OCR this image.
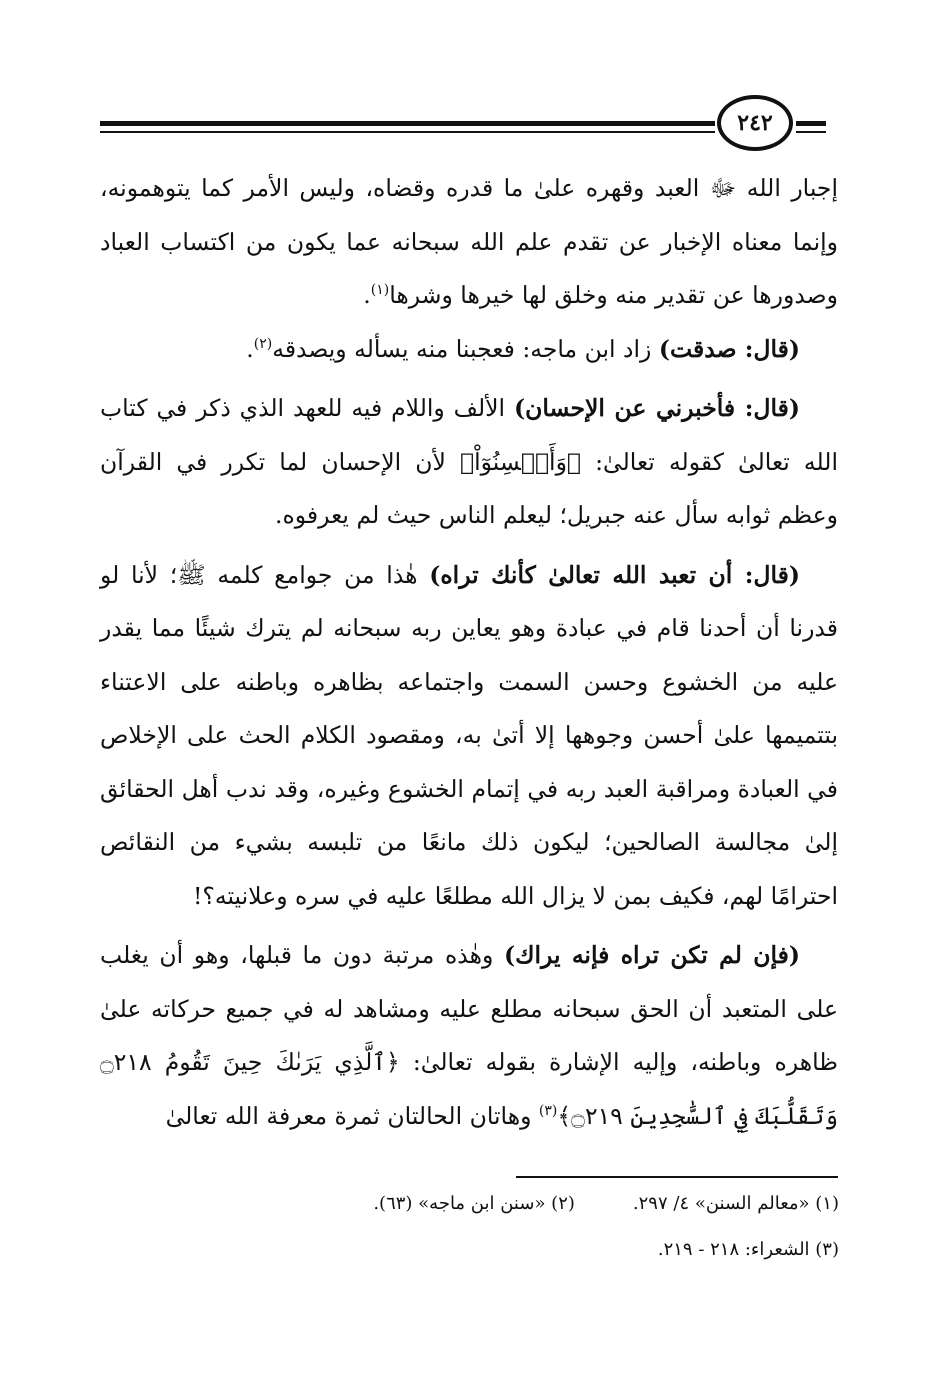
٢٤٢

إجبار الله ﷻ العبد وقهره علىٰ ما قدره وقضاه، وليس الأمر كما يتوهمونه، وإنما معناه الإخبار عن تقدم علم الله سبحانه عما يكون من اكتساب العباد وصدورها عن تقدير منه وخلق لها خيرها وشرها$^{(١)}$.

(قال: صدقت) زاد ابن ماجه: فعجبنا منه يسأله ويصدقه$^{(٢)}$.

(قال: فأخبرني عن الإحسان) الألف واللام فيه للعهد الذي ذكر في كتاب الله تعالىٰ كقوله تعالىٰ: ﴿وَأَحۡسِنُوٓاْ﴾ لأن الإحسان لما تكرر في القرآن وعظم ثوابه سأل عنه جبريل؛ ليعلم الناس حيث لم يعرفوه.

(قال: أن تعبد الله تعالىٰ كأنك تراه) هٰذا من جوامع كلمه ﷺ؛ لأنا لو قدرنا أن أحدنا قام في عبادة وهو يعاين ربه سبحانه لم يترك شيئًا مما يقدر عليه من الخشوع وحسن السمت واجتماعه بظاهره وباطنه على الاعتناء بتتميمها علىٰ أحسن وجوهها إلا أتىٰ به، ومقصود الكلام الحث على الإخلاص في العبادة ومراقبة العبد ربه في إتمام الخشوع وغيره، وقد ندب أهل الحقائق إلىٰ مجالسة الصالحين؛ ليكون ذلك مانعًا من تلبسه بشيء من النقائص احترامًا لهم، فكيف بمن لا يزال الله مطلعًا عليه في سره وعلانيته؟!

(فإن لم تكن تراه فإنه يراك) وهٰذه مرتبة دون ما قبلها، وهو أن يغلب على المتعبد أن الحق سبحانه مطلع عليه ومشاهد له في جميع حركاته علىٰ ظاهره وباطنه، وإليه الإشارة بقوله تعالىٰ: ﴿ٱلَّذِي يَرَىٰكَ حِينَ تَقُومُ ۝٢١٨ وَتَقَلُّبَكَ فِي ٱلسَّٰجِدِينَ ۝٢١٩﴾$^{(٣)}$ وهاتان الحالتان ثمرة معرفة الله تعالىٰ

(١) «معالم السنن» ٤/ ٢٩٧.
(٢) «سنن ابن ماجه» (٦٣).
(٣) الشعراء: ٢١٨ - ٢١٩.
